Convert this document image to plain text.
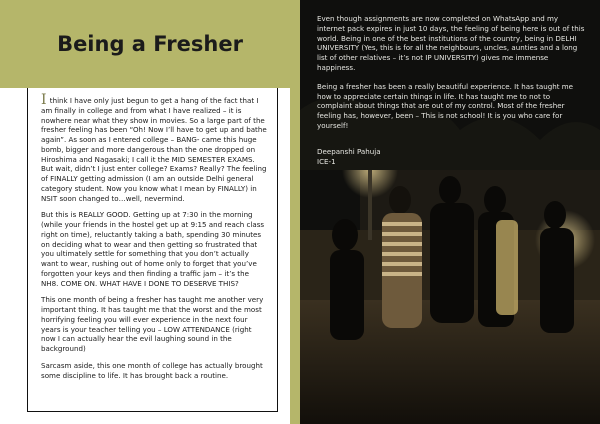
Being a Fresher

I think I have only just begun to get a hang of the fact that I am finally in college and from what I have realized – it is nowhere near what they show in movies. So a large part of the fresher feeling has been “Oh! Now I’ll have to get up and bathe again”. As soon as I entered college – BANG- came this huge bomb, bigger and more dangerous than the one dropped on Hiroshima and Nagasaki; I call it the MID SEMESTER EXAMS. But wait, didn’t I just enter college? Exams? Really? The feeling of FINALLY getting admission (I am an outside Delhi general category student. Now you know what I mean by FINALLY) in NSIT soon changed to…well, nevermind.

But this is REALLY GOOD. Getting up at 7:30 in the morning (while your friends in the hostel get up at 9:15 and reach class right on time), reluctantly taking a bath, spending 30 minutes on deciding what to wear and then getting so frustrated that you ultimately settle for something that you don’t actually want to wear, rushing out of home only to forget that you’ve forgotten your keys and then finding a traffic jam – it’s the NH8. COME ON. WHAT HAVE I DONE TO DESERVE THIS?

This one month of being a fresher has taught me another very important thing. It has taught me that the worst and the most horrifying feeling you will ever experience in the next four years is your teacher telling you – LOW ATTENDANCE (right now I can actually hear the evil laughing sound in the background)

Sarcasm aside, this one month of college has actually brought some discipline to life. It has brought back a routine.

Even though assignments are now completed on WhatsApp and my internet pack expires in just 10 days, the feeling of being here is out of this world. Being in one of the best institutions of the country, being in DELHI UNIVERSITY (Yes, this is for all the neighbours, uncles, aunties and a long list of other relatives – it’s not IP UNIVERSITY) gives me immense happiness.

Being a fresher has been a really beautiful experience. It has taught me how to appreciate certain things in life. It has taught me to not to complaint about things that are out of my control. Most of the fresher feeling has, however, been – This is not school! It is you who care for yourself!

Deepanshi Pahuja
ICE-1
